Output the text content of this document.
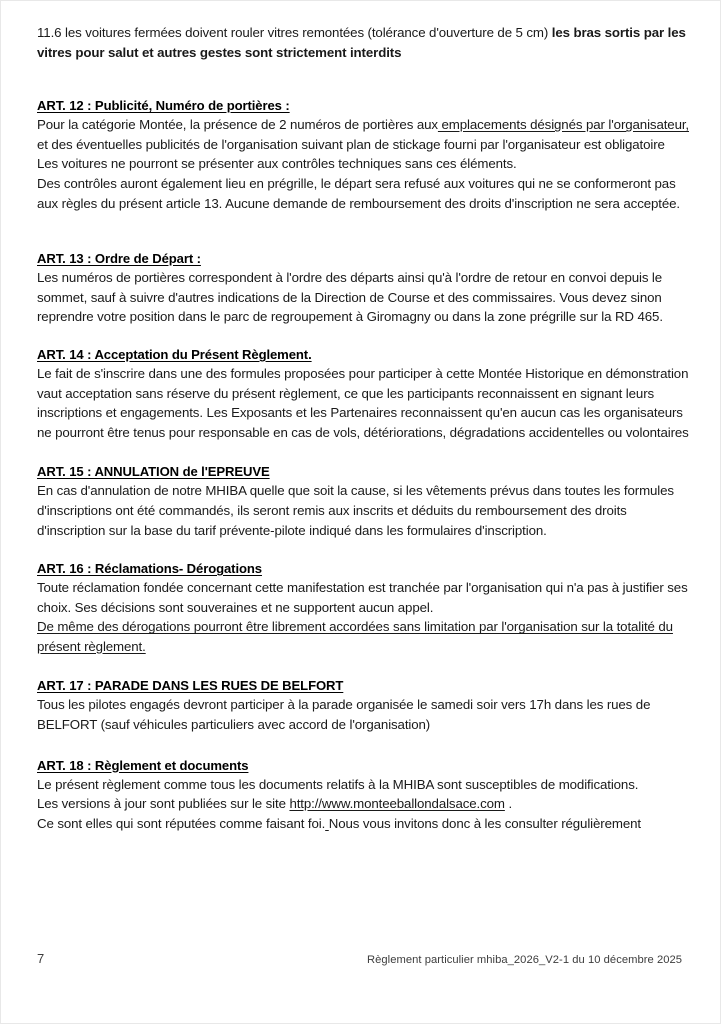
11.6 les voitures fermées doivent rouler vitres remontées (tolérance d'ouverture de 5 cm) les bras sortis par les vitres pour salut et autres gestes sont strictement interdits

ART. 12 : Publicité, Numéro de portières :

Pour la catégorie Montée, la présence de 2 numéros de portières aux emplacements désignés par l'organisateur, et des éventuelles publicités de l'organisation suivant plan de stickage fourni par l'organisateur est obligatoire

Les voitures ne pourront se présenter aux contrôles techniques sans ces éléments.

Des contrôles auront également lieu en prégrille, le départ sera refusé aux voitures qui ne se conformeront pas aux règles du présent article 13. Aucune demande de remboursement des droits d'inscription ne sera acceptée.

ART. 13 : Ordre de Départ :

Les numéros de portières correspondent à l'ordre des départs ainsi qu'à l'ordre de retour en convoi depuis le sommet, sauf à suivre d'autres indications de la Direction de Course et des commissaires. Vous devez sinon reprendre votre position dans le parc de regroupement à Giromagny ou dans la zone prégrille sur la RD 465.

ART. 14 : Acceptation du Présent Règlement.

Le fait de s'inscrire dans une des formules proposées pour participer à cette Montée Historique en démonstration vaut acceptation sans réserve du présent règlement, ce que les participants reconnaissent en signant leurs inscriptions et engagements. Les Exposants et les Partenaires reconnaissent qu'en aucun cas les organisateurs ne pourront être tenus pour responsable en cas de vols, détériorations, dégradations accidentelles ou volontaires

ART. 15 : ANNULATION de l'EPREUVE

En cas d'annulation de notre MHIBA quelle que soit la cause, si les vêtements prévus dans toutes les formules d'inscriptions ont été commandés, ils seront remis aux inscrits et déduits du remboursement des droits d'inscription sur la base du tarif prévente-pilote indiqué dans les formulaires d'inscription.

ART. 16 : Réclamations- Dérogations

Toute réclamation fondée concernant cette manifestation est tranchée par l'organisation qui n'a pas à justifier ses choix. Ses décisions sont souveraines et ne supportent aucun appel.

De même des dérogations pourront être librement accordées sans limitation par l'organisation sur la totalité du présent règlement.

ART. 17 : PARADE DANS LES RUES DE BELFORT

Tous les pilotes engagés devront participer à la parade organisée le samedi soir vers 17h dans les rues de BELFORT (sauf véhicules particuliers avec accord de l'organisation)

ART. 18 : Règlement et documents

Le présent règlement comme tous les documents relatifs à la MHIBA sont susceptibles de modifications.

Les versions à jour sont publiées sur le site http://www.monteeballondalsace.com .

Ce sont elles qui sont réputées comme faisant foi. Nous vous invitons donc à les consulter régulièrement

7	Règlement particulier mhiba_2026_V2-1 du 10 décembre 2025
